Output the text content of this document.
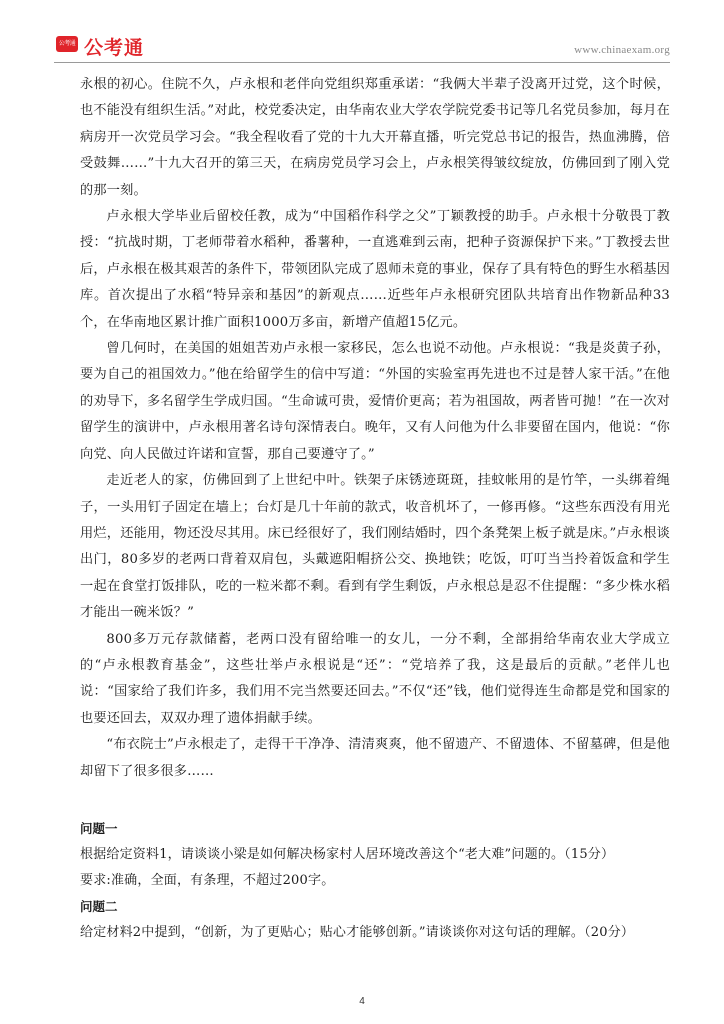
公考通 公考通	www.chinaexam.org

永根的初心。住院不久，卢永根和老伴向党组织郑重承诺：“我俩大半辈子没离开过党，这个时候，也不能没有组织生活。”对此，校党委决定，由华南农业大学农学院党委书记等几名党员参加，每月在病房开一次党员学习会。“我全程收看了党的十九大开幕直播，听完党总书记的报告，热血沸腾，倍受鼓舞……”十九大召开的第三天，在病房党员学习会上，卢永根笑得皱纹绽放，仿佛回到了刚入党的那一刻。

卢永根大学毕业后留校任教，成为“中国稻作科学之父”丁颖教授的助手。卢永根十分敬畏丁教授：“抗战时期，丁老师带着水稻种，番薯种，一直逃难到云南，把种子资源保护下来。”丁教授去世后，卢永根在极其艰苦的条件下，带领团队完成了恩师未竟的事业，保存了具有特色的野生水稻基因库。首次提出了水稻“特异亲和基因”的新观点……近些年卢永根研究团队共培育出作物新品种33个，在华南地区累计推广面积1000万多亩，新增产值超15亿元。

曾几何时，在美国的姐姐苦劝卢永根一家移民，怎么也说不动他。卢永根说：“我是炎黄子孙，要为自己的祖国效力。”他在给留学生的信中写道：“外国的实验室再先进也不过是替人家干活。”在他的劝导下，多名留学生学成归国。“生命诚可贵，爱情价更高；若为祖国故，两者皆可抛！”在一次对留学生的演讲中，卢永根用著名诗句深情表白。晚年，又有人问他为什么非要留在国内，他说：“你向党、向人民做过许诺和宣誓，那自己要遵守了。”

走近老人的家，仿佛回到了上世纪中叶。铁架子床锈迹斑斑，挂蚊帐用的是竹竿，一头绑着绳子，一头用钉子固定在墙上；台灯是几十年前的款式，收音机坏了，一修再修。“这些东西没有用光用烂，还能用，物还没尽其用。床已经很好了，我们刚结婚时，四个条凳架上板子就是床。”卢永根谈出门，80多岁的老两口背着双肩包，头戴遮阳帽挤公交、换地铁；吃饭，叮叮当当拎着饭盒和学生一起在食堂打饭排队，吃的一粒米都不剩。看到有学生剩饭，卢永根总是忍不住提醒：“多少株水稻才能出一碗米饭？”

800多万元存款储蓄，老两口没有留给唯一的女儿，一分不剩，全部捐给华南农业大学成立的“卢永根教育基金”，这些壮举卢永根说是“还”：“党培养了我，这是最后的贡献。”老伴儿也说：“国家给了我们许多，我们用不完当然要还回去。”不仅“还”钱，他们觉得连生命都是党和国家的也要还回去，双双办理了遗体捐献手续。

“布衣院士”卢永根走了，走得干干净净、清清爽爽，他不留遗产、不留遗体、不留墓碑，但是他却留下了很多很多……

问题一

根据给定资料1，请谈谈小梁是如何解决杨家村人居环境改善这个“老大难”问题的。（15分）

要求:准确，全面，有条理，不超过200字。

问题二

给定材料2中提到，“创新，为了更贴心；贴心才能够创新。”请谈谈你对这句话的理解。（20分）

4
